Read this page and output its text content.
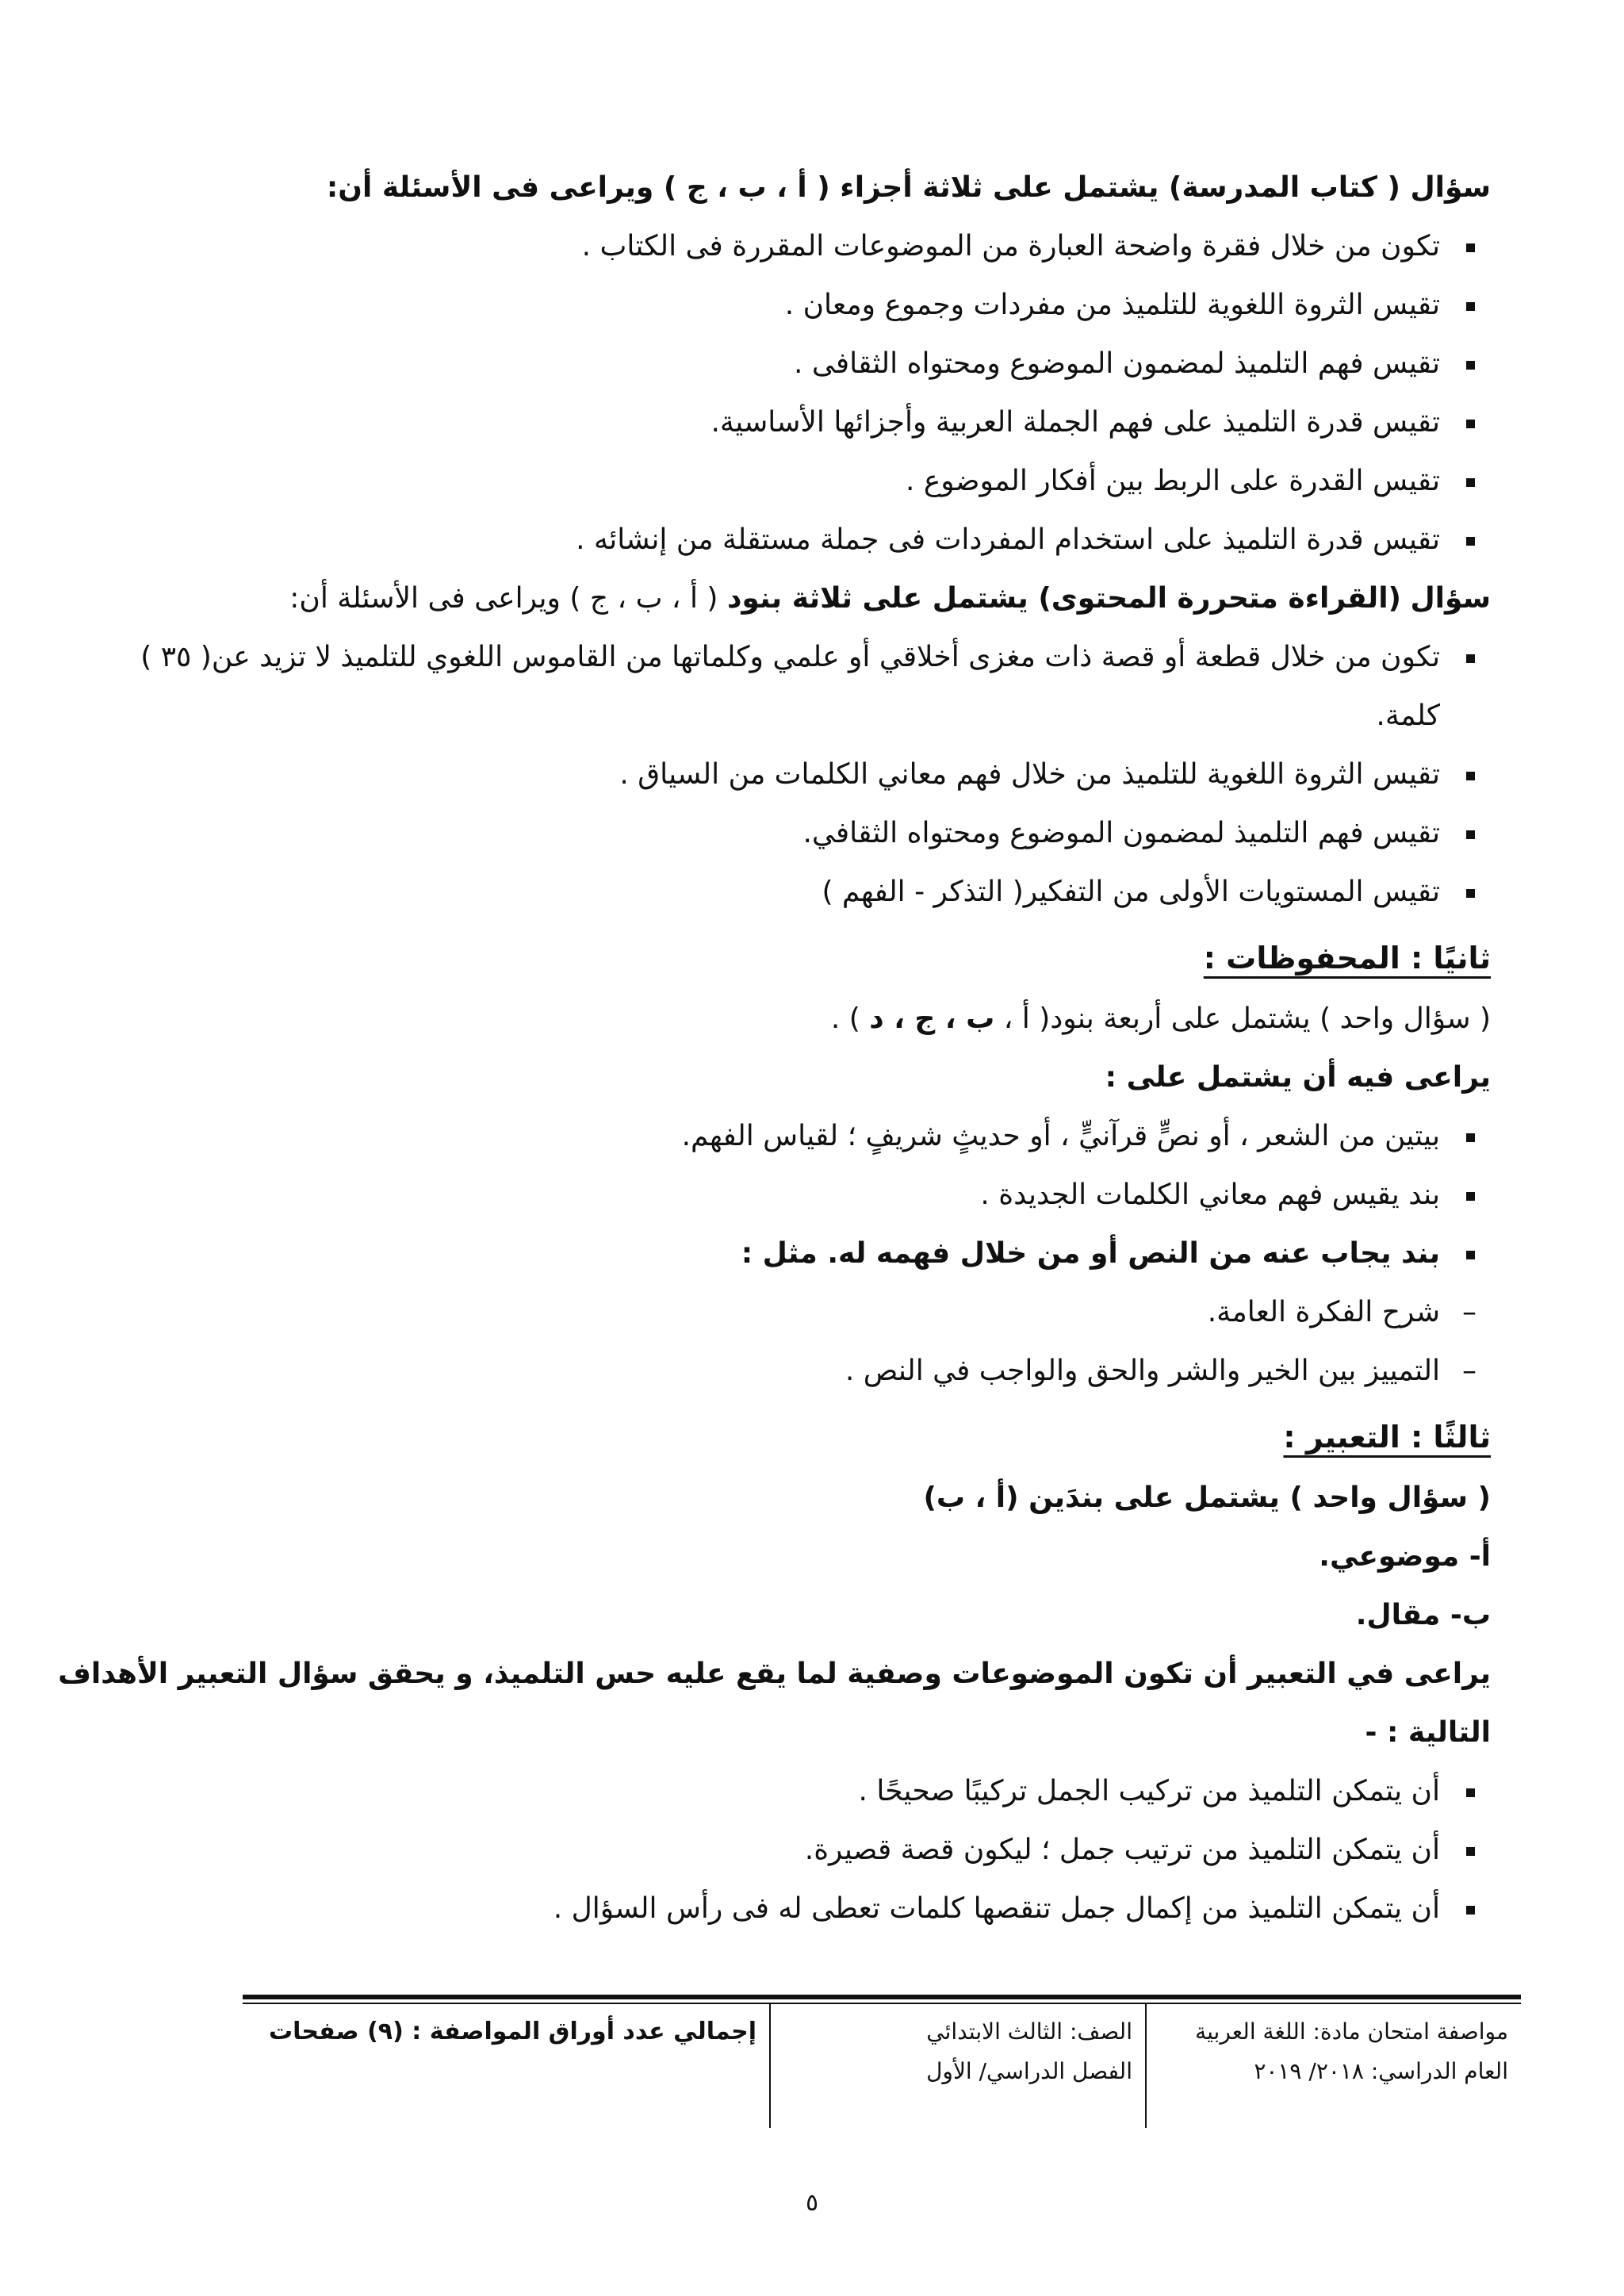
سؤال ( كتاب المدرسة) يشتمل على ثلاثة أجزاء ( أ ، ب ، ج ) ويراعى فى الأسئلة أن:

تكون من خلال فقرة واضحة العبارة من الموضوعات المقررة فى الكتاب .
تقيس الثروة اللغوية للتلميذ من مفردات وجموع ومعان .
تقيس فهم التلميذ لمضمون الموضوع ومحتواه الثقافى .
تقيس قدرة التلميذ على فهم الجملة العربية وأجزائها الأساسية.
تقيس القدرة على الربط بين أفكار الموضوع .
تقيس قدرة التلميذ على استخدام المفردات فى جملة مستقلة من إنشائه .

سؤال (القراءة متحررة المحتوى) يشتمل على ثلاثة بنود ( أ ، ب ، ج ) ويراعى فى الأسئلة أن:

تكون من خلال قطعة أو قصة ذات مغزى أخلاقي أو علمي وكلماتها من القاموس اللغوي للتلميذ لا تزيد عن( ٣٥ ) كلمة.
تقيس الثروة اللغوية للتلميذ من خلال فهم معاني الكلمات من السياق .
تقيس فهم التلميذ لمضمون الموضوع ومحتواه الثقافي.
تقيس المستويات الأولى من التفكير( التذكر - الفهم )
ثانيًا : المحفوظات :

( سؤال واحد ) يشتمل على أربعة بنود( أ ، ب ، ج ، د ) .

يراعى فيه أن يشتمل على :

بيتين من الشعر ، أو نصٍّ قرآنيٍّ ، أو حديثٍ شريفٍ ؛ لقياس الفهم.
بند يقيس فهم معاني الكلمات الجديدة .
بند يجاب عنه من النص أو من خلال فهمه له. مثل :
–
شرح الفكرة العامة.
–
التمييز بين الخير والشر والحق والواجب في النص .
ثالثًا : التعبير :

( سؤال واحد ) يشتمل على بندَين (أ ، ب)

أ- موضوعي.

ب- مقال.

يراعى في التعبير أن تكون الموضوعات وصفية لما يقع عليه حس التلميذ، و يحقق سؤال التعبير الأهداف

التالية : -

أن يتمكن التلميذ من تركيب الجمل تركيبًا صحيحًا .
أن يتمكن التلميذ من ترتيب جمل ؛ ليكون قصة قصيرة.
أن يتمكن التلميذ من إكمال جمل تنقصها كلمات تعطى له فى رأس السؤال .
مواصفة امتحان مادة: اللغة العربية
العام الدراسي: ٢٠١٨/ ٢٠١٩
الصف: الثالث الابتدائي
الفصل الدراسي/ الأول
إجمالي عدد أوراق المواصفة : (٩) صفحات
٥
